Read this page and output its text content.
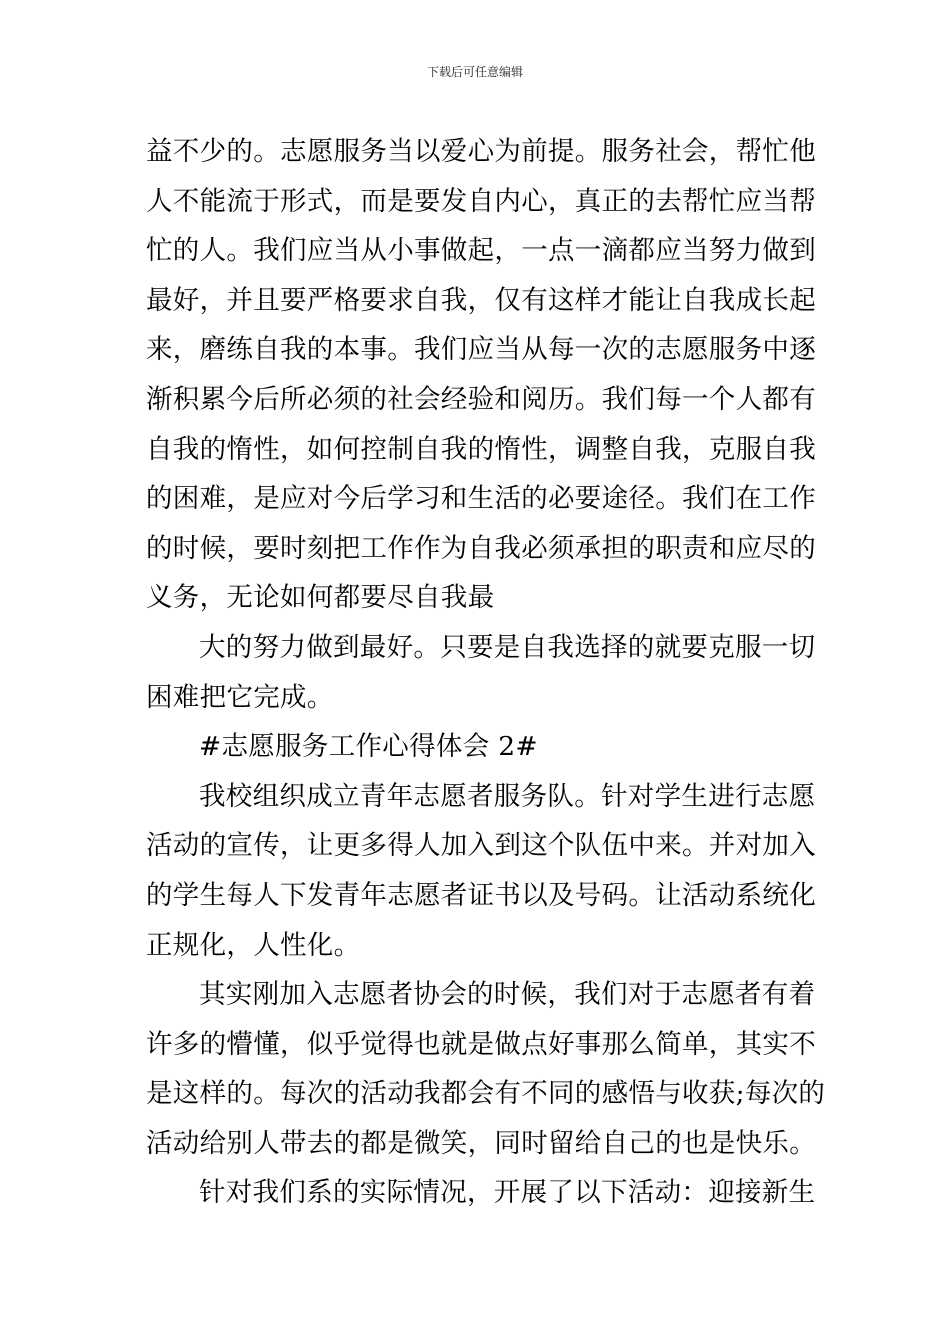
下载后可任意编辑

益不少的。志愿服务当以爱心为前提。服务社会，帮忙他
人不能流于形式，而是要发自内心，真正的去帮忙应当帮
忙的人。我们应当从小事做起，一点一滴都应当努力做到
最好，并且要严格要求自我，仅有这样才能让自我成长起
来，磨练自我的本事。我们应当从每一次的志愿服务中逐
渐积累今后所必须的社会经验和阅历。我们每一个人都有
自我的惰性，如何控制自我的惰性，调整自我，克服自我
的困难，是应对今后学习和生活的必要途径。我们在工作
的时候，要时刻把工作作为自我必须承担的职责和应尽的
义务，无论如何都要尽自我最

大的努力做到最好。只要是自我选择的就要克服一切
困难把它完成。

#志愿服务工作心得体会 2#

我校组织成立青年志愿者服务队。针对学生进行志愿
活动的宣传，让更多得人加入到这个队伍中来。并对加入
的学生每人下发青年志愿者证书以及号码。让活动系统化
正规化，人性化。

其实刚加入志愿者协会的时候，我们对于志愿者有着
许多的懵懂，似乎觉得也就是做点好事那么简单，其实不
是这样的。每次的活动我都会有不同的感悟与收获;每次的
活动给别人带去的都是微笑，同时留给自己的也是快乐。

针对我们系的实际情况，开展了以下活动：迎接新生
